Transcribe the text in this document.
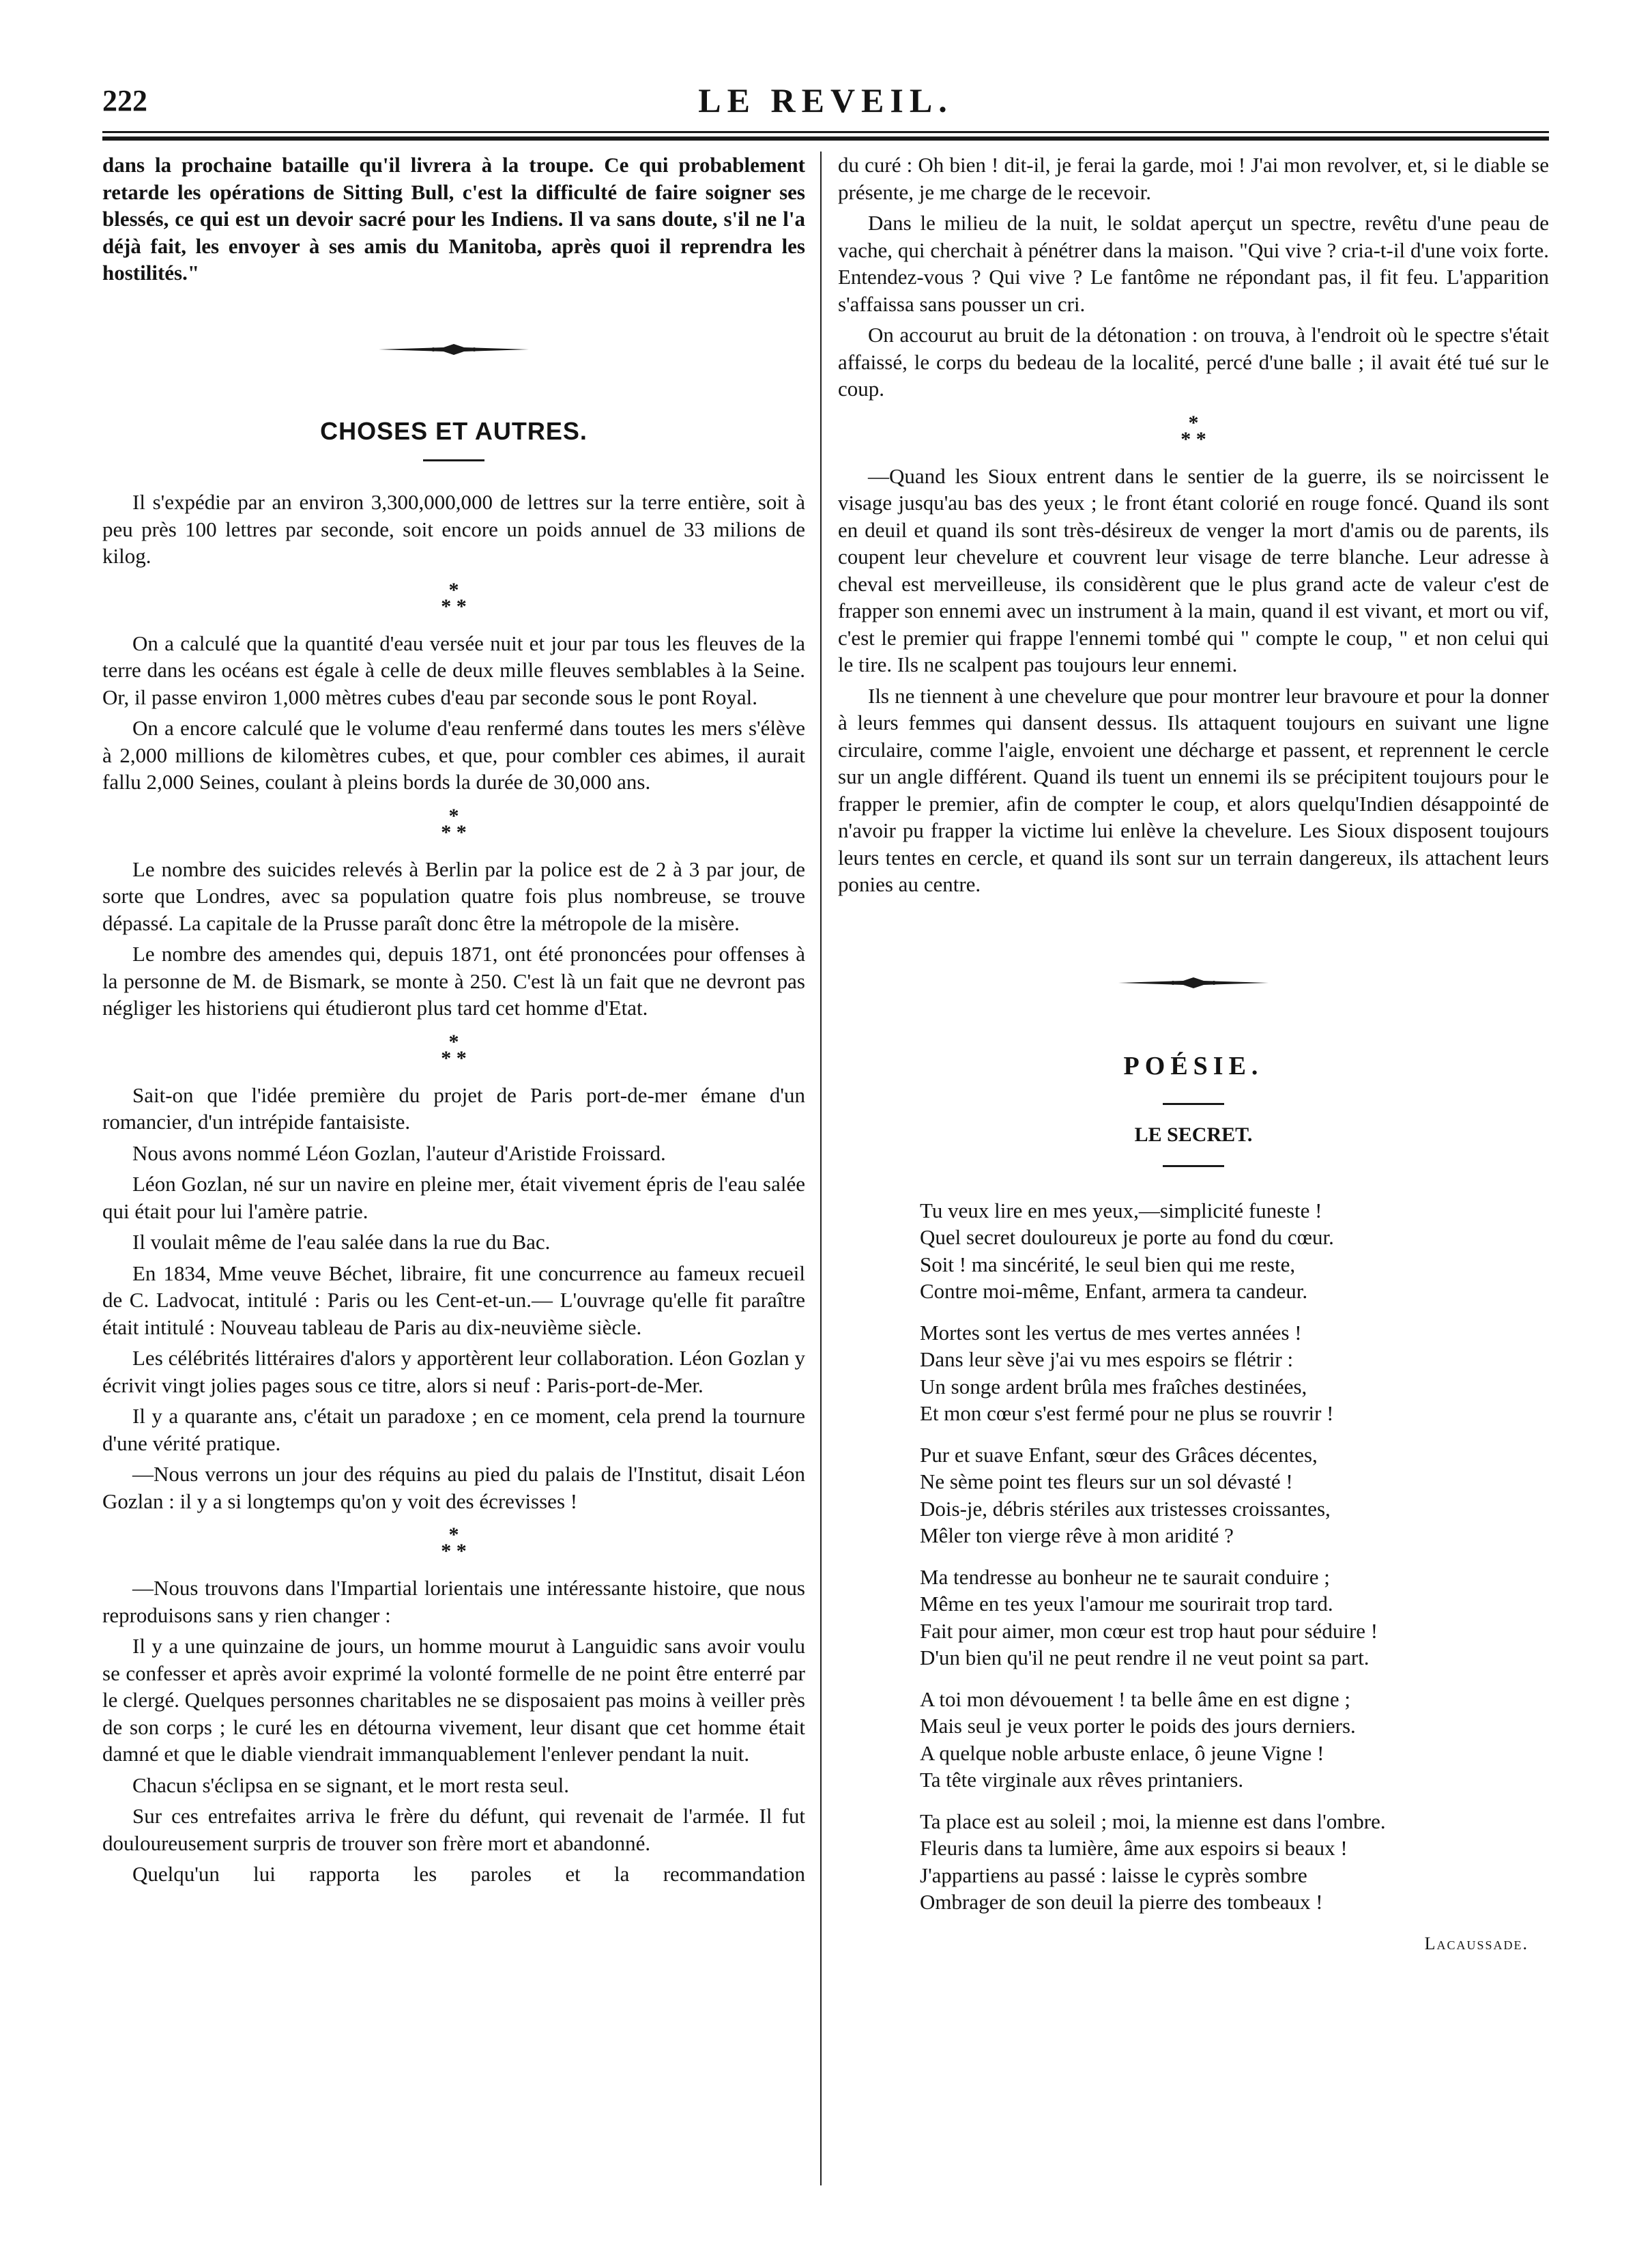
222	LE REVEIL.

dans la prochaine bataille qu'il livrera à la troupe. Ce qui probablement retarde les opérations de Sitting Bull, c'est la difficulté de faire soigner ses blessés, ce qui est un devoir sacré pour les Indiens. Il va sans doute, s'il ne l'a déjà fait, les envoyer à ses amis du Manitoba, après quoi il reprendra les hostilités."

CHOSES ET AUTRES.

Il s'expédie par an environ 3,300,000,000 de lettres sur la terre entière, soit à peu près 100 lettres par seconde, soit encore un poids annuel de 33 milions de kilog.

*
* *

On a calculé que la quantité d'eau versée nuit et jour par tous les fleuves de la terre dans les océans est égale à celle de deux mille fleuves semblables à la Seine. Or, il passe environ 1,000 mètres cubes d'eau par seconde sous le pont Royal.

On a encore calculé que le volume d'eau renfermé dans toutes les mers s'élève à 2,000 millions de kilomètres cubes, et que, pour combler ces abimes, il aurait fallu 2,000 Seines, coulant à pleins bords la durée de 30,000 ans.

*
* *

Le nombre des suicides relevés à Berlin par la police est de 2 à 3 par jour, de sorte que Londres, avec sa population quatre fois plus nombreuse, se trouve dépassé. La capitale de la Prusse paraît donc être la métropole de la misère.

Le nombre des amendes qui, depuis 1871, ont été prononcées pour offenses à la personne de M. de Bismark, se monte à 250. C'est là un fait que ne devront pas négliger les historiens qui étudieront plus tard cet homme d'Etat.

*
* *

Sait-on que l'idée première du projet de Paris port-de-mer émane d'un romancier, d'un intrépide fantaisiste.

Nous avons nommé Léon Gozlan, l'auteur d'Aristide Froissard.

Léon Gozlan, né sur un navire en pleine mer, était vivement épris de l'eau salée qui était pour lui l'amère patrie.

Il voulait même de l'eau salée dans la rue du Bac.

En 1834, Mme veuve Béchet, libraire, fit une concurrence au fameux recueil de C. Ladvocat, intitulé : Paris ou les Cent-et-un.— L'ouvrage qu'elle fit paraître était intitulé : Nouveau tableau de Paris au dix-neuvième siècle.

Les célébrités littéraires d'alors y apportèrent leur collaboration. Léon Gozlan y écrivit vingt jolies pages sous ce titre, alors si neuf : Paris-port-de-Mer.

Il y a quarante ans, c'était un paradoxe ; en ce moment, cela prend la tournure d'une vérité pratique.

—Nous verrons un jour des réquins au pied du palais de l'Institut, disait Léon Gozlan : il y a si longtemps qu'on y voit des écrevisses !

*
* *

—Nous trouvons dans l'Impartial lorientais une intéressante histoire, que nous reproduisons sans y rien changer :

Il y a une quinzaine de jours, un homme mourut à Languidic sans avoir voulu se confesser et après avoir exprimé la volonté formelle de ne point être enterré par le clergé. Quelques personnes charitables ne se disposaient pas moins à veiller près de son corps ; le curé les en détourna vivement, leur disant que cet homme était damné et que le diable viendrait immanquablement l'enlever pendant la nuit.

Chacun s'éclipsa en se signant, et le mort resta seul.

Sur ces entrefaites arriva le frère du défunt, qui revenait de l'armée. Il fut douloureusement surpris de trouver son frère mort et abandonné.

Quelqu'un lui rapporta les paroles et la recommandation

du curé : Oh bien ! dit-il, je ferai la garde, moi ! J'ai mon revolver, et, si le diable se présente, je me charge de le recevoir.

Dans le milieu de la nuit, le soldat aperçut un spectre, revêtu d'une peau de vache, qui cherchait à pénétrer dans la maison. "Qui vive ? cria-t-il d'une voix forte. Entendez-vous ? Qui vive ? Le fantôme ne répondant pas, il fit feu. L'apparition s'affaissa sans pousser un cri.

On accourut au bruit de la détonation : on trouva, à l'endroit où le spectre s'était affaissé, le corps du bedeau de la localité, percé d'une balle ; il avait été tué sur le coup.

*
* *

—Quand les Sioux entrent dans le sentier de la guerre, ils se noircissent le visage jusqu'au bas des yeux ; le front étant colorié en rouge foncé. Quand ils sont en deuil et quand ils sont très-désireux de venger la mort d'amis ou de parents, ils coupent leur chevelure et couvrent leur visage de terre blanche. Leur adresse à cheval est merveilleuse, ils considèrent que le plus grand acte de valeur c'est de frapper son ennemi avec un instrument à la main, quand il est vivant, et mort ou vif, c'est le premier qui frappe l'ennemi tombé qui " compte le coup, " et non celui qui le tire. Ils ne scalpent pas toujours leur ennemi.

Ils ne tiennent à une chevelure que pour montrer leur bravoure et pour la donner à leurs femmes qui dansent dessus. Ils attaquent toujours en suivant une ligne circulaire, comme l'aigle, envoient une décharge et passent, et reprennent le cercle sur un angle différent. Quand ils tuent un ennemi ils se précipitent toujours pour le frapper le premier, afin de compter le coup, et alors quelqu'Indien désappointé de n'avoir pu frapper la victime lui enlève la chevelure. Les Sioux disposent toujours leurs tentes en cercle, et quand ils sont sur un terrain dangereux, ils attachent leurs ponies au centre.

POÉSIE.
LE SECRET.
Tu veux lire en mes yeux,—simplicité funeste !
Quel secret douloureux je porte au fond du cœur.
Soit ! ma sincérité, le seul bien qui me reste,
Contre moi-même, Enfant, armera ta candeur.
Mortes sont les vertus de mes vertes années !
Dans leur sève j'ai vu mes espoirs se flétrir :
Un songe ardent brûla mes fraîches destinées,
Et mon cœur s'est fermé pour ne plus se rouvrir !
Pur et suave Enfant, sœur des Grâces décentes,
Ne sème point tes fleurs sur un sol dévasté !
Dois-je, débris stériles aux tristesses croissantes,
Mêler ton vierge rêve à mon aridité ?
Ma tendresse au bonheur ne te saurait conduire ;
Même en tes yeux l'amour me sourirait trop tard.
Fait pour aimer, mon cœur est trop haut pour séduire !
D'un bien qu'il ne peut rendre il ne veut point sa part.
A toi mon dévouement ! ta belle âme en est digne ;
Mais seul je veux porter le poids des jours derniers.
A quelque noble arbuste enlace, ô jeune Vigne !
Ta tête virginale aux rêves printaniers.
Ta place est au soleil ; moi, la mienne est dans l'ombre.
Fleuris dans ta lumière, âme aux espoirs si beaux !
J'appartiens au passé : laisse le cyprès sombre
Ombrager de son deuil la pierre des tombeaux !
Lacaussade.
